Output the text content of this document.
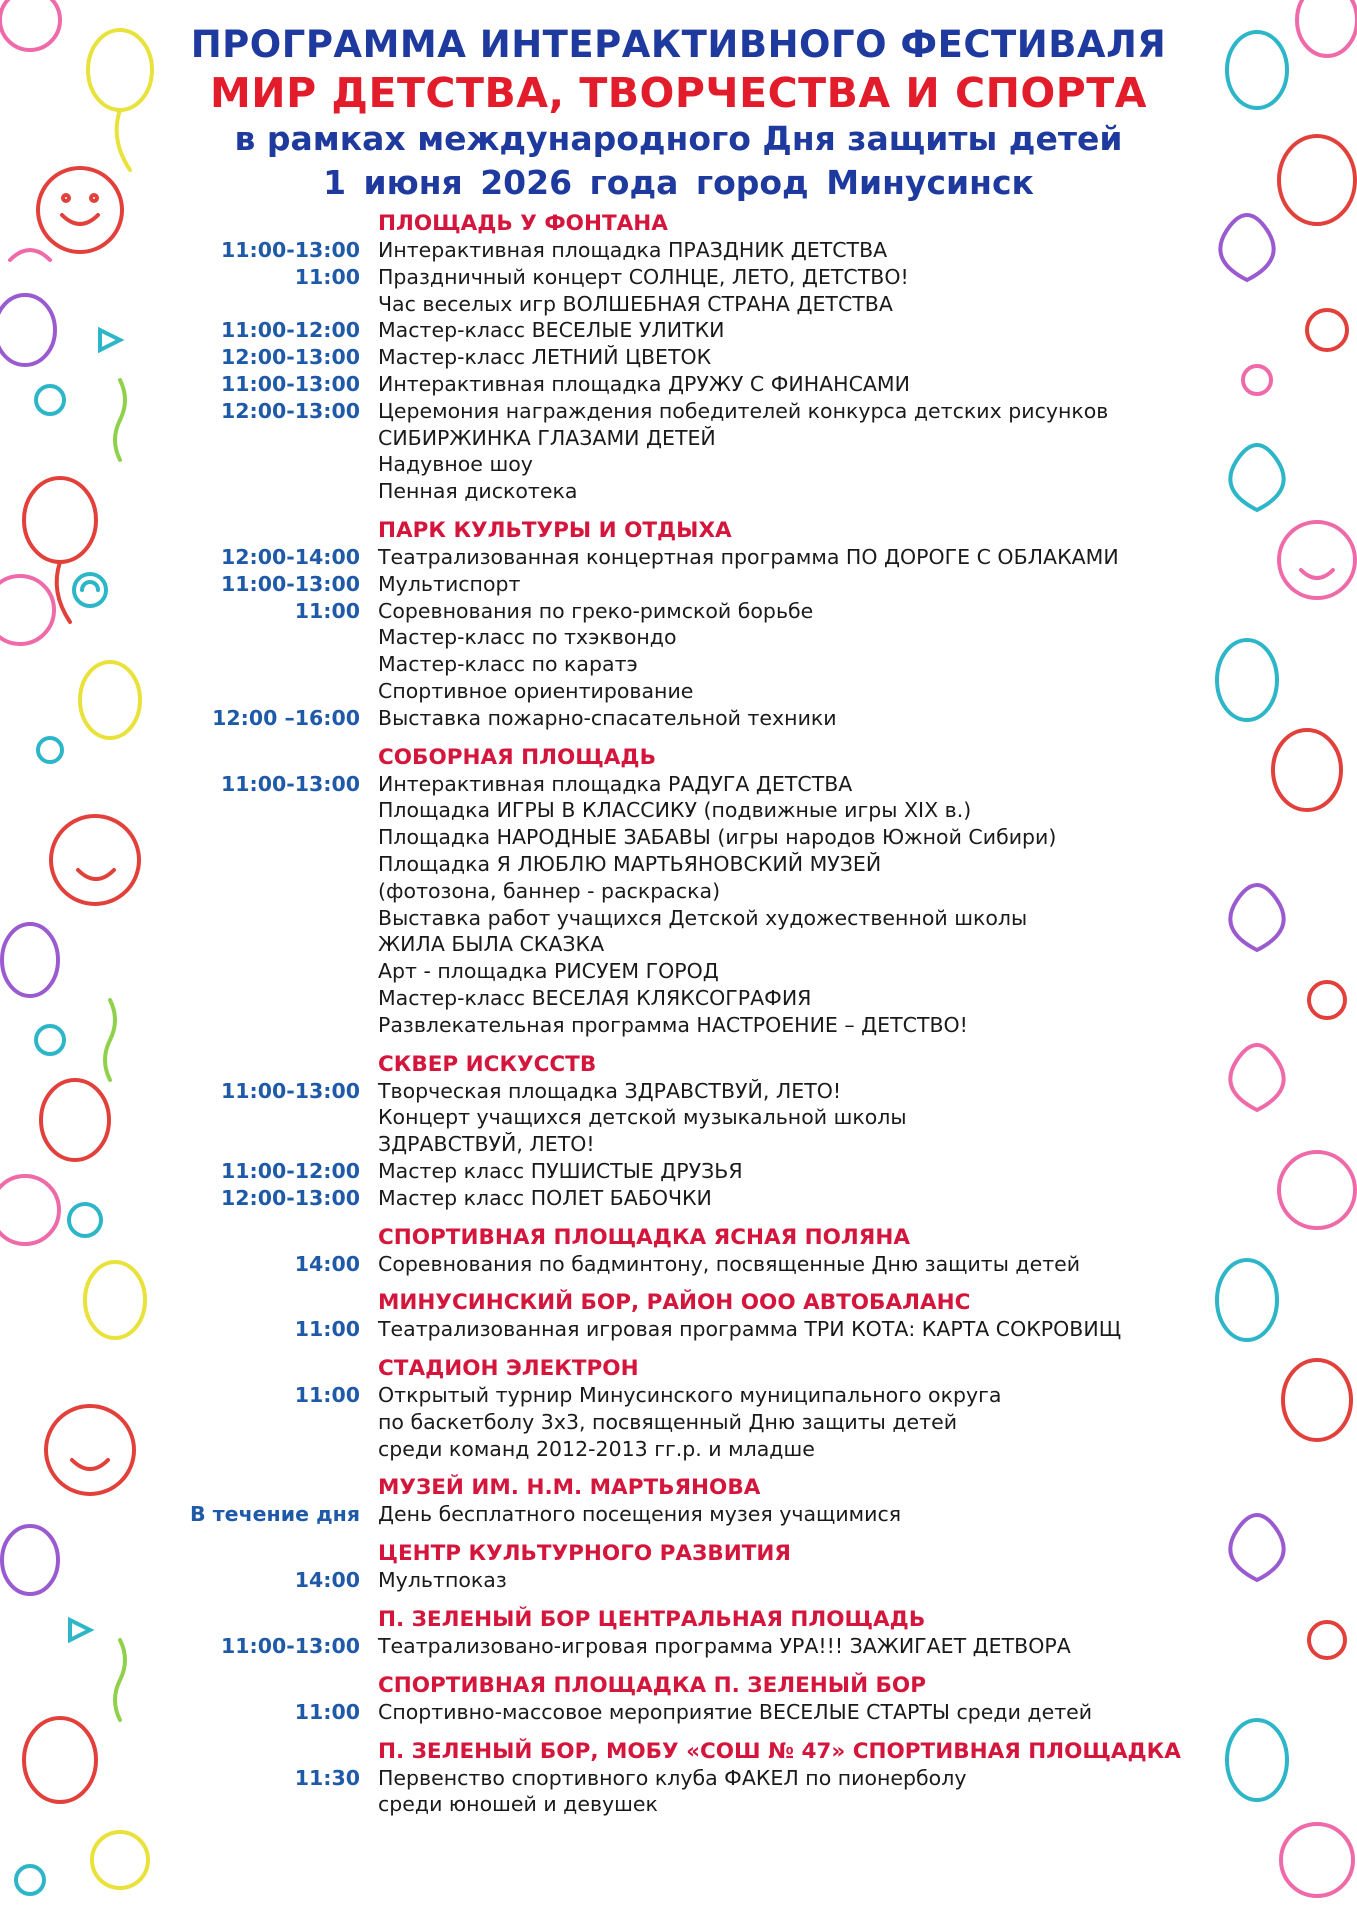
ПРОГРАММА ИНТЕРАКТИВНОГО ФЕСТИВАЛЯ
МИР ДЕТСТВА, ТВОРЧЕСТВА И СПОРТА
в рамках международного Дня защиты детей
1 июня 2026 года город Минусинск
ПЛОЩАДЬ У ФОНТАНА
11:00-13:00 Интерактивная площадка ПРАЗДНИК ДЕТСТВА
11:00 Праздничный концерт СОЛНЦЕ, ЛЕТО, ДЕТСТВО!
Час веселых игр ВОЛШЕБНАЯ СТРАНА ДЕТСТВА
11:00-12:00 Мастер-класс ВЕСЕЛЫЕ УЛИТКИ
12:00-13:00 Мастер-класс ЛЕТНИЙ ЦВЕТОК
11:00-13:00 Интерактивная площадка ДРУЖУ С ФИНАНСАМИ
12:00-13:00 Церемония награждения победителей конкурса детских рисунков
СИБИРЖИНКА ГЛАЗАМИ ДЕТЕЙ
Надувное шоу
Пенная дискотека
ПАРК КУЛЬТУРЫ И ОТДЫХА
12:00-14:00 Театрализованная концертная программа ПО ДОРОГЕ С ОБЛАКАМИ
11:00-13:00 Мультиспорт
11:00 Соревнования по греко-римской борьбе
Мастер-класс по тхэквондо
Мастер-класс по каратэ
Спортивное ориентирование
12:00 –16:00 Выставка пожарно-спасательной техники
СОБОРНАЯ ПЛОЩАДЬ
11:00-13:00 Интерактивная площадка РАДУГА ДЕТСТВА
Площадка ИГРЫ В КЛАССИКУ (подвижные игры XIX в.)
Площадка НАРОДНЫЕ ЗАБАВЫ (игры народов Южной Сибири)
Площадка Я ЛЮБЛЮ МАРТЬЯНОВСКИЙ МУЗЕЙ
(фотозона, баннер - раскраска)
Выставка работ учащихся Детской художественной школы
ЖИЛА БЫЛА СКАЗКА
Арт - площадка РИСУЕМ ГОРОД
Мастер-класс ВЕСЕЛАЯ КЛЯКСОГРАФИЯ
Развлекательная программа НАСТРОЕНИЕ – ДЕТСТВО!
СКВЕР ИСКУССТВ
11:00-13:00 Творческая площадка ЗДРАВСТВУЙ, ЛЕТО!
Концерт учащихся детской музыкальной школы
ЗДРАВСТВУЙ, ЛЕТО!
11:00-12:00 Мастер класс ПУШИСТЫЕ ДРУЗЬЯ
12:00-13:00 Мастер класс ПОЛЕТ БАБОЧКИ
СПОРТИВНАЯ ПЛОЩАДКА ЯСНАЯ ПОЛЯНА
14:00 Соревнования по бадминтону, посвященные Дню защиты детей
МИНУСИНСКИЙ БОР, РАЙОН ООО АВТОБАЛАНС
11:00 Театрализованная игровая программа ТРИ КОТА: КАРТА СОКРОВИЩ
СТАДИОН ЭЛЕКТРОН
11:00 Открытый турнир Минусинского муниципального округа
по баскетболу 3х3, посвященный Дню защиты детей
среди команд 2012-2013 гг.р. и младше
МУЗЕЙ ИМ. Н.М. МАРТЬЯНОВА
В течение дня День бесплатного посещения музея учащимися
ЦЕНТР КУЛЬТУРНОГО РАЗВИТИЯ
14:00 Мультпоказ
П. ЗЕЛЕНЫЙ БОР ЦЕНТРАЛЬНАЯ ПЛОЩАДЬ
11:00-13:00 Театрализовано-игровая программа УРА!!! ЗАЖИГАЕТ ДЕТВОРА
СПОРТИВНАЯ ПЛОЩАДКА П. ЗЕЛЕНЫЙ БОР
11:00 Спортивно-массовое мероприятие ВЕСЕЛЫЕ СТАРТЫ среди детей
П. ЗЕЛЕНЫЙ БОР, МОБУ «СОШ № 47» СПОРТИВНАЯ ПЛОЩАДКА
11:30 Первенство спортивного клуба ФАКЕЛ по пионерболу
среди юношей и девушек
